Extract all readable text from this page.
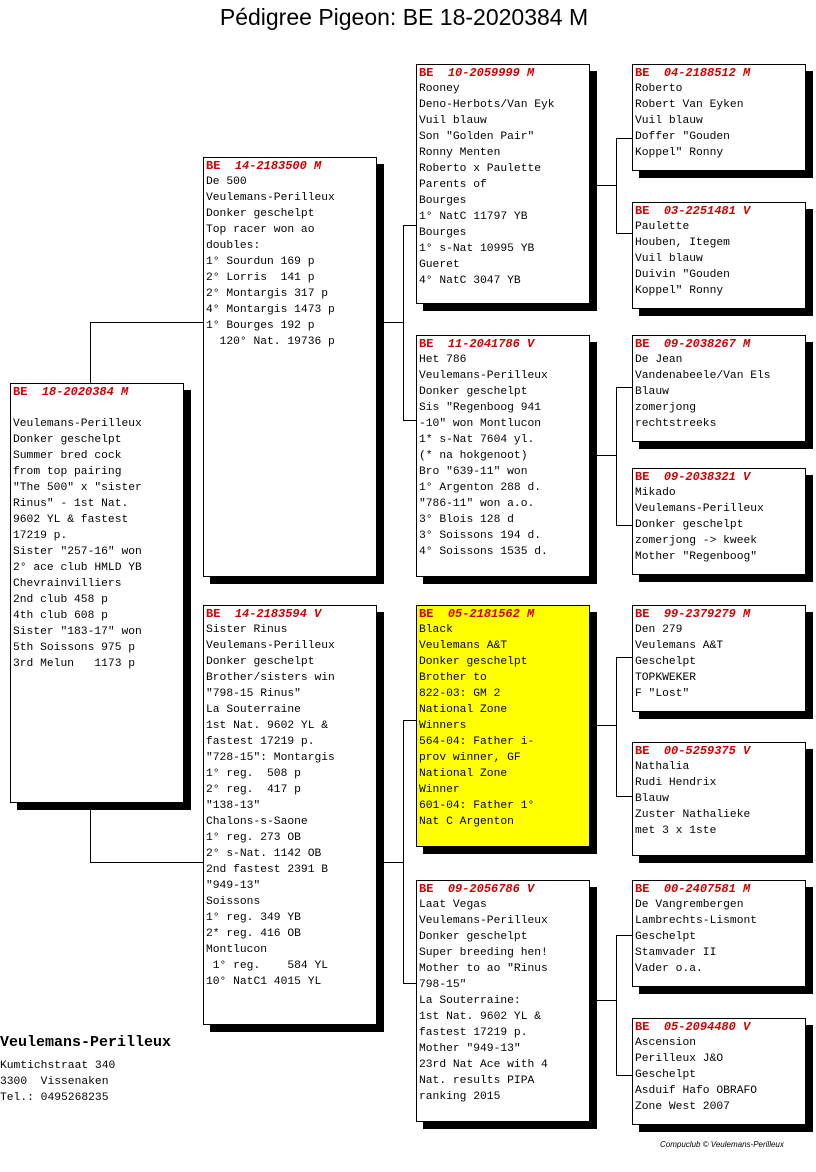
Pédigree Pigeon: BE 18-2020384 M
BE 18-2020384 M

Veulemans-Perilleux
Donker geschelpt
Summer bred cock
from top pairing
"The 500" x "sister
Rinus" - 1st Nat.
9602 YL & fastest
17219 p.
Sister "257-16" won
2° ace club HMLD YB
Chevrainvilliers
2nd club 458 p
4th club 608 p
Sister "183-17" won
5th Soissons 975 p
3rd Melun   1173 p
BE 14-2183500 M
De 500
Veulemans-Perilleux
Donker geschelpt
Top racer won ao
doubles:
1° Sourdun 169 p
2° Lorris  141 p
2° Montargis 317 p
4° Montargis 1473 p
1° Bourges 192 p
120° Nat. 19736 p
BE 14-2183594 V
Sister Rinus
Veulemans-Perilleux
Donker geschelpt
Brother/sisters win
"798-15 Rinus"
La Souterraine
1st Nat. 9602 YL &
fastest 17219 p.
"728-15": Montargis
1° reg.  508 p
2° reg.  417 p
"138-13"
Chalons-s-Saone
1° reg. 273 OB
2° s-Nat. 1142 OB
2nd fastest 2391 B
"949-13"
Soissons
1° reg. 349 YB
2* reg. 416 OB
Montlucon
1° reg.    584 YL
10° NatC1 4015 YL
BE 10-2059999 M
Rooney
Deno-Herbots/Van Eyk
Vuil blauw
Son "Golden Pair"
Ronny Menten
Roberto x Paulette
Parents of
Bourges
1° NatC 11797 YB
Bourges
1° s-Nat 10995 YB
Gueret
4° NatC 3047 YB
BE 11-2041786 V
Het 786
Veulemans-Perilleux
Donker geschelpt
Sis "Regenboog 941
-10" won Montlucon
1* s-Nat 7604 yl.
(* na hokgenoot)
Bro "639-11" won
1° Argenton 288 d.
"786-11" won a.o.
3° Blois 128 d
3° Soissons 194 d.
4° Soissons 1535 d.
BE 05-2181562 M
Black
Veulemans A&T
Donker geschelpt
Brother to
822-03: GM 2
National Zone
Winners
564-04: Father i-
prov winner, GF
National Zone
Winner
601-04: Father 1°
Nat C Argenton
BE 09-2056786 V
Laat Vegas
Veulemans-Perilleux
Donker geschelpt
Super breeding hen!
Mother to ao "Rinus
798-15"
La Souterraine:
1st Nat. 9602 YL &
fastest 17219 p.
Mother "949-13"
23rd Nat Ace with 4
Nat. results PIPA
ranking 2015
BE 04-2188512 M
Roberto
Robert Van Eyken
Vuil blauw
Doffer "Gouden
Koppel" Ronny
BE 03-2251481 V
Paulette
Houben, Itegem
Vuil blauw
Duivin "Gouden
Koppel" Ronny
BE 09-2038267 M
De Jean
Vandenabeele/Van Els
Blauw
zomerjong
rechtstreeks
BE 09-2038321 V
Mikado
Veulemans-Perilleux
Donker geschelpt
zomerjong -> kweek
Mother "Regenboog"
BE 99-2379279 M
Den 279
Veulemans A&T
Geschelpt
TOPKWEKER
F "Lost"
BE 00-5259375 V
Nathalia
Rudi Hendrix
Blauw
Zuster Nathalieke
met 3 x 1ste
BE 00-2407581 M
De Vangrembergen
Lambrechts-Lismont
Geschelpt
Stamvader II
Vader o.a.
BE 05-2094480 V
Ascension
Perilleux J&O
Geschelpt
Asduif Hafo OBRAFO
Zone West 2007
Veulemans-Perilleux
Kumtichstraat 340
3300  Vissenaken
Tel.: 0495268235
Compuclub © Veulemans-Perilleux
